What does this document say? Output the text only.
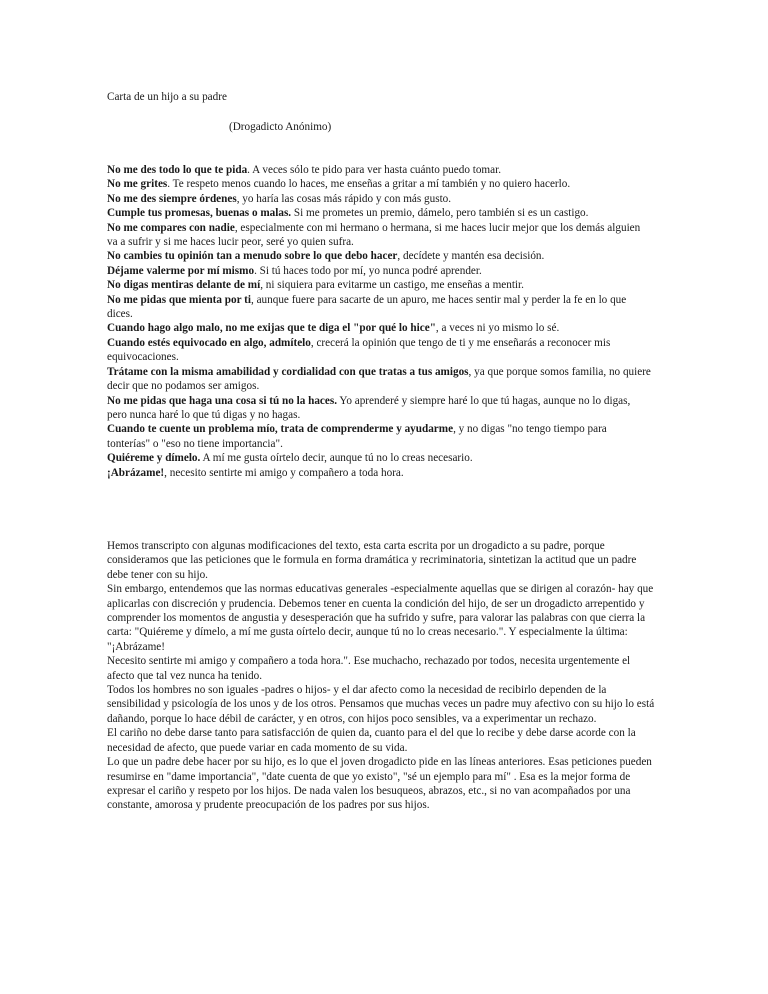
Carta de un hijo a su padre
(Drogadicto Anónimo)

No me des todo lo que te pida. A veces sólo te pido para ver hasta cuánto puedo tomar.

No me grites. Te respeto menos cuando lo haces, me enseñas a gritar a mí también y no quiero hacerlo.

No me des siempre órdenes, yo haría las cosas más rápido y con más gusto.

Cumple tus promesas, buenas o malas. Si me prometes un premio, dámelo, pero también si es un castigo.

No me compares con nadie, especialmente con mi hermano o hermana, si me haces lucir mejor que los demás alguien va a sufrir y si me haces lucir peor, seré yo quien sufra.

No cambies tu opinión tan a menudo sobre lo que debo hacer, decídete y mantén esa decisión.

Déjame valerme por mí mismo. Si tú haces todo por mí, yo nunca podré aprender.

No digas mentiras delante de mí, ni siquiera para evitarme un castigo, me enseñas a mentir.

No me pidas que mienta por ti, aunque fuere para sacarte de un apuro, me haces sentir mal y perder la fe en lo que dices.

Cuando hago algo malo, no me exijas que te diga el "por qué lo hice", a veces ni yo mismo lo sé.

Cuando estés equivocado en algo, admítelo, crecerá la opinión que tengo de ti y me enseñarás a reconocer mis equivocaciones.

Trátame con la misma amabilidad y cordialidad con que tratas a tus amigos, ya que porque somos familia, no quiere decir que no podamos ser amigos.

No me pidas que haga una cosa si tú no la haces. Yo aprenderé y siempre haré lo que tú hagas, aunque no lo digas, pero nunca haré lo que tú digas y no hagas.

Cuando te cuente un problema mío, trata de comprenderme y ayudarme, y no digas "no tengo tiempo para tonterías" o "eso no tiene importancia".

Quiéreme y dímelo. A mí me gusta oírtelo decir, aunque tú no lo creas necesario.

¡Abrázame!, necesito sentirte mi amigo y compañero a toda hora.

Hemos transcripto con algunas modificaciones del texto, esta carta escrita por un drogadicto a su padre, porque consideramos que las peticiones que le formula en forma dramática y recriminatoria, sintetizan la actitud que un padre debe tener con su hijo.

Sin embargo, entendemos que las normas educativas generales -especialmente aquellas que se dirigen al corazón- hay que aplicarlas con discreción y prudencia. Debemos tener en cuenta la condición del hijo, de ser un drogadicto arrepentido y comprender los momentos de angustia y desesperación que ha sufrido y sufre, para valorar las palabras con que cierra la carta: "Quiéreme y dímelo, a mí me gusta oírtelo decir, aunque tú no lo creas necesario.". Y especialmente la última: "¡Abrázame!

Necesito sentirte mi amigo y compañero a toda hora.". Ese muchacho, rechazado por todos, necesita urgentemente el afecto que tal vez nunca ha tenido.

Todos los hombres no son iguales -padres o hijos- y el dar afecto como la necesidad de recibirlo dependen de la sensibilidad y psicología de los unos y de los otros. Pensamos que muchas veces un padre muy afectivo con su hijo lo está dañando, porque lo hace débil de carácter, y en otros, con hijos poco sensibles, va a experimentar un rechazo.

El cariño no debe darse tanto para satisfacción de quien da, cuanto para el del que lo recibe y debe darse acorde con la necesidad de afecto, que puede variar en cada momento de su vida.

Lo que un padre debe hacer por su hijo, es lo que el joven drogadicto pide en las líneas anteriores. Esas peticiones pueden resumirse en "dame importancia", "date cuenta de que yo existo", "sé un ejemplo para mí" . Esa es la mejor forma de expresar el cariño y respeto por los hijos. De nada valen los besuqueos, abrazos, etc., si no van acompañados por una constante, amorosa y prudente preocupación de los padres por sus hijos.
